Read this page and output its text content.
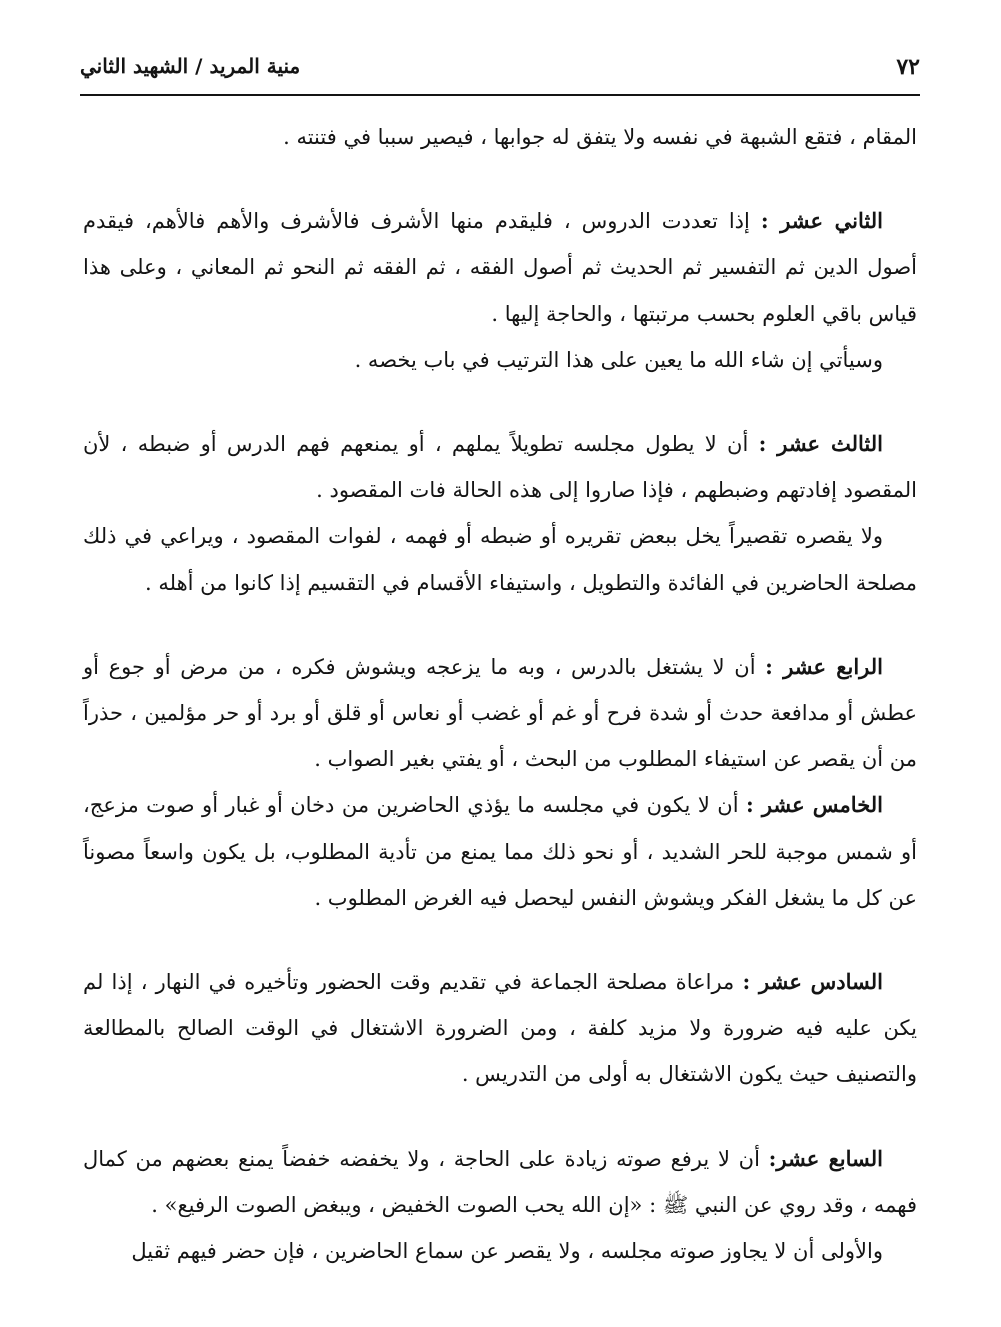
٧٢
منية المريد / الشهيد الثاني

المقام ، فتقع الشبهة في نفسه ولا يتفق له جوابها ، فيصير سببا في فتنته .

الثاني عشر : إذا تعددت الدروس ، فليقدم منها الأشرف فالأشرف والأهم فالأهم، فيقدم أصول الدين ثم التفسير ثم الحديث ثم أصول الفقه ، ثم الفقه ثم النحو ثم المعاني ، وعلى هذا قياس باقي العلوم بحسب مرتبتها ، والحاجة إليها .

وسيأتي إن شاء الله ما يعين على هذا الترتيب في باب يخصه .

الثالث عشر : أن لا يطول مجلسه تطويلاً يملهم ، أو يمنعهم فهم الدرس أو ضبطه ، لأن المقصود إفادتهم وضبطهم ، فإذا صاروا إلى هذه الحالة فات المقصود .

ولا يقصره تقصيراً يخل ببعض تقريره أو ضبطه أو فهمه ، لفوات المقصود ، ويراعي في ذلك مصلحة الحاضرين في الفائدة والتطويل ، واستيفاء الأقسام في التقسيم إذا كانوا من أهله .

الرابع عشر : أن لا يشتغل بالدرس ، وبه ما يزعجه ويشوش فكره ، من مرض أو جوع أو عطش أو مدافعة حدث أو شدة فرح أو غم أو غضب أو نعاس أو قلق أو برد أو حر مؤلمين ، حذراً من أن يقصر عن استيفاء المطلوب من البحث ، أو يفتي بغير الصواب .

الخامس عشر : أن لا يكون في مجلسه ما يؤذي الحاضرين من دخان أو غبار أو صوت مزعج، أو شمس موجبة للحر الشديد ، أو نحو ذلك مما يمنع من تأدية المطلوب، بل يكون واسعاً مصوناً عن كل ما يشغل الفكر ويشوش النفس ليحصل فيه الغرض المطلوب .

السادس عشر : مراعاة مصلحة الجماعة في تقديم وقت الحضور وتأخيره في النهار ، إذا لم يكن عليه فيه ضرورة ولا مزيد كلفة ، ومن الضرورة الاشتغال في الوقت الصالح بالمطالعة والتصنيف حيث يكون الاشتغال به أولى من التدريس .

السابع عشر: أن لا يرفع صوته زيادة على الحاجة ، ولا يخفضه خفضاً يمنع بعضهم من كمال فهمه ، وقد روي عن النبي ﷺ : «إن الله يحب الصوت الخفيض ، ويبغض الصوت الرفيع» .

والأولى أن لا يجاوز صوته مجلسه ، ولا يقصر عن سماع الحاضرين ، فإن حضر فيهم ثقيل
